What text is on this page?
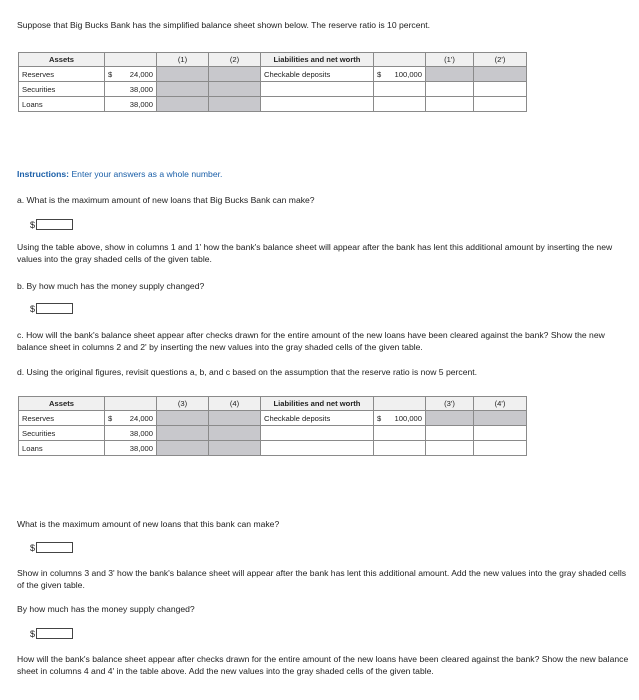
Suppose that Big Bucks Bank has the simplified balance sheet shown below. The reserve ratio is 10 percent.
Assets		(1)	(2)	Liabilities and net worth		(1')	(2')
Reserves	$ 24,000			Checkable deposits	$ 100,000

Securities	38,000						
Loans	38,000						
Instructions: Enter your answers as a whole number.
a. What is the maximum amount of new loans that Big Bucks Bank can make?
$
Using the table above, show in columns 1 and 1' how the bank's balance sheet will appear after the bank has lent this additional amount by inserting the new values into the gray shaded cells of the given table.
b. By how much has the money supply changed?
$
c. How will the bank's balance sheet appear after checks drawn for the entire amount of the new loans have been cleared against the bank? Show the new balance sheet in columns 2 and 2' by inserting the new values into the gray shaded cells of the given table.
d. Using the original figures, revisit questions a, b, and c based on the assumption that the reserve ratio is now 5 percent.
Assets		(3)	(4)	Liabilities and net worth		(3')	(4')
Reserves	$ 24,000			Checkable deposits	$ 100,000

Securities	38,000						
Loans	38,000						
What is the maximum amount of new loans that this bank can make?
$
Show in columns 3 and 3' how the bank's balance sheet will appear after the bank has lent this additional amount. Add the new values into the gray shaded cells of the given table.
By how much has the money supply changed?
$
How will the bank's balance sheet appear after checks drawn for the entire amount of the new loans have been cleared against the bank? Show the new balance sheet in columns 4 and 4' in the table above. Add the new values into the gray shaded cells of the given table.
